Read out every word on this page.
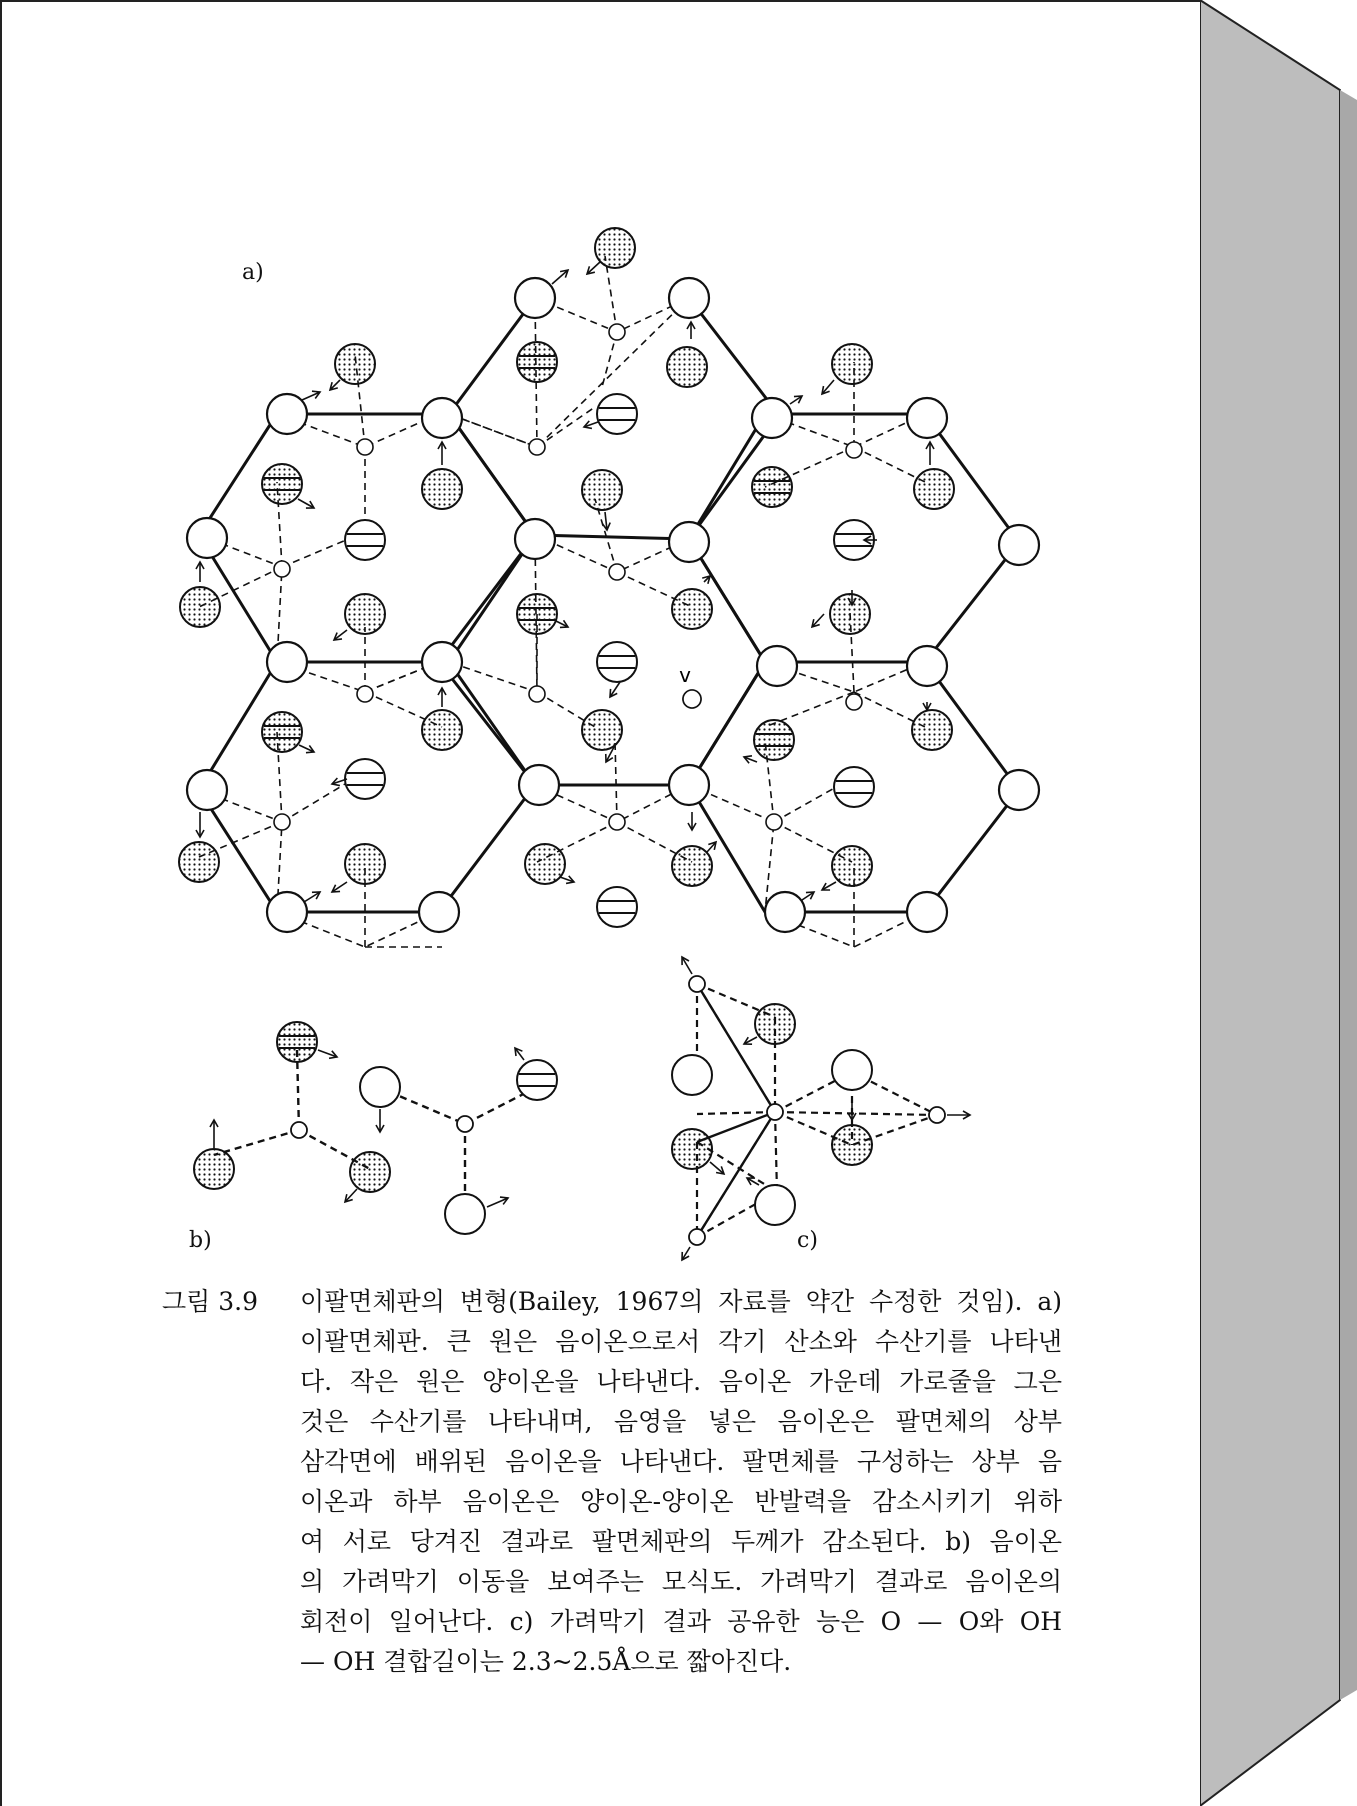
v
a)
b)	c)
그림 3.9	이팔면체판의 변형(Bailey, 1967의 자료를 약간 수정한 것임). a)

이팔면체판. 큰 원은 음이온으로서 각기 산소와 수산기를 나타낸

다. 작은 원은 양이온을 나타낸다. 음이온 가운데 가로줄을 그은

것은 수산기를 나타내며, 음영을 넣은 음이온은 팔면체의 상부

삼각면에 배위된 음이온을 나타낸다. 팔면체를 구성하는 상부 음

이온과 하부 음이온은 양이온-양이온 반발력을 감소시키기 위하

여 서로 당겨진 결과로 팔면체판의 두께가 감소된다. b) 음이온

의 가려막기 이동을 보여주는 모식도. 가려막기 결과로 음이온의

회전이 일어난다. c) 가려막기 결과 공유한 능은 O — O와 OH

— OH 결합길이는 2.3~2.5Å으로 짧아진다.
